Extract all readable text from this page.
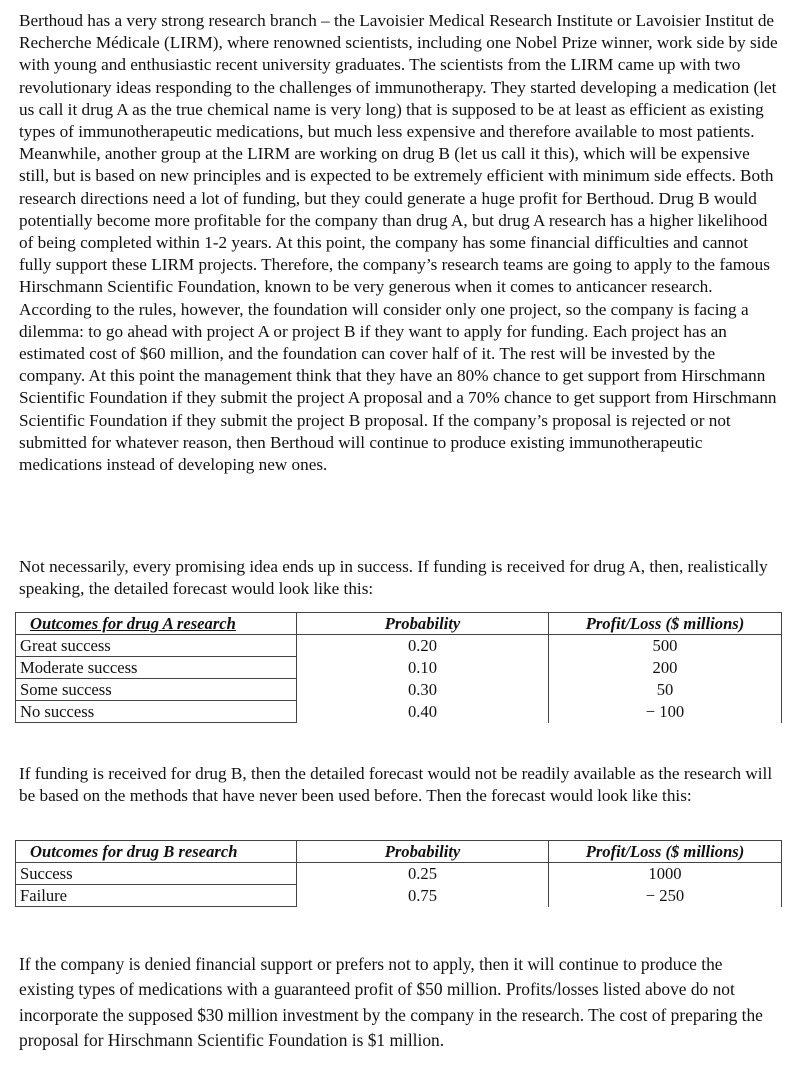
Berthoud has a very strong research branch – the Lavoisier Medical Research Institute or Lavoisier Institut de Recherche Médicale (LIRM), where renowned scientists, including one Nobel Prize winner, work side by side with young and enthusiastic recent university graduates. The scientists from the LIRM came up with two revolutionary ideas responding to the challenges of immunotherapy. They started developing a medication (let us call it drug A as the true chemical name is very long) that is supposed to be at least as efficient as existing types of immunotherapeutic medications, but much less expensive and therefore available to most patients. Meanwhile, another group at the LIRM are working on drug B (let us call it this), which will be expensive still, but is based on new principles and is expected to be extremely efficient with minimum side effects. Both research directions need a lot of funding, but they could generate a huge profit for Berthoud. Drug B would potentially become more profitable for the company than drug A, but drug A research has a higher likelihood of being completed within 1-2 years. At this point, the company has some financial difficulties and cannot fully support these LIRM projects. Therefore, the company’s research teams are going to apply to the famous Hirschmann Scientific Foundation, known to be very generous when it comes to anticancer research. According to the rules, however, the foundation will consider only one project, so the company is facing a dilemma: to go ahead with project A or project B if they want to apply for funding. Each project has an estimated cost of $60 million, and the foundation can cover half of it. The rest will be invested by the company. At this point the management think that they have an 80% chance to get support from Hirschmann Scientific Foundation if they submit the project A proposal and a 70% chance to get support from Hirschmann Scientific Foundation if they submit the project B proposal. If the company’s proposal is rejected or not submitted for whatever reason, then Berthoud will continue to produce existing immunotherapeutic medications instead of developing new ones.

Not necessarily, every promising idea ends up in success. If funding is received for drug A, then, realistically speaking, the detailed forecast would look like this:

Outcomes for drug A research	Probability	Profit/Loss ($ millions)
Great success	0.20	500
Moderate success	0.10	200
Some success	0.30	50
No success	0.40	− 100

If funding is received for drug B, then the detailed forecast would not be readily available as the research will be based on the methods that have never been used before. Then the forecast would look like this:

Outcomes for drug B research	Probability	Profit/Loss ($ millions)
Success	0.25	1000
Failure	0.75	− 250

If the company is denied financial support or prefers not to apply, then it will continue to produce the existing types of medications with a guaranteed profit of $50 million. Profits/losses listed above do not incorporate the supposed $30 million investment by the company in the research. The cost of preparing the proposal for Hirschmann Scientific Foundation is $1 million.
